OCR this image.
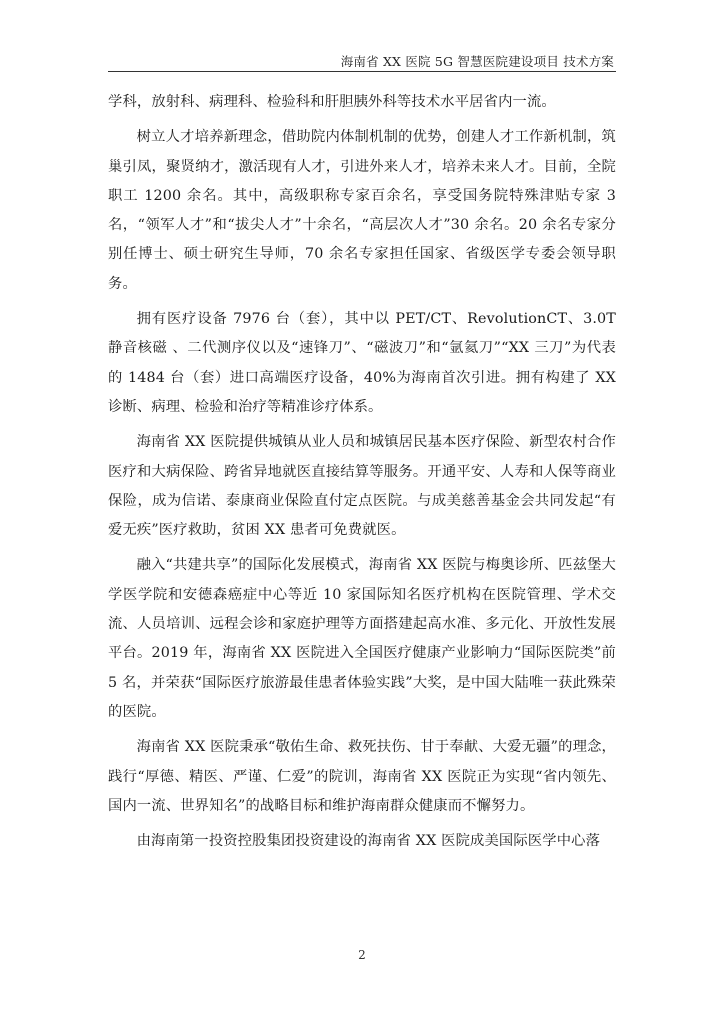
海南省 XX 医院 5G 智慧医院建设项目 技术方案

学科，放射科、病理科、检验科和肝胆胰外科等技术水平居省内一流。

树立人才培养新理念，借助院内体制机制的优势，创建人才工作新机制，筑巢引凤，聚贤纳才，激活现有人才，引进外来人才，培养未来人才。目前，全院职工 1200 余名。其中，高级职称专家百余名，享受国务院特殊津贴专家 3 名，“领军人才”和“拔尖人才”十余名，“高层次人才”30 余名。20 余名专家分别任博士、硕士研究生导师，70 余名专家担任国家、省级医学专委会领导职务。

拥有医疗设备 7976 台（套），其中以 PET/CT、RevolutionCT、3.0T 静音核磁 、二代测序仪以及“速锋刀”、“磁波刀”和“氩氦刀”“XX 三刀”为代表的 1484 台（套）进口高端医疗设备，40%为海南首次引进。拥有构建了 XX 诊断、病理、检验和治疗等精准诊疗体系。

海南省 XX 医院提供城镇从业人员和城镇居民基本医疗保险、新型农村合作医疗和大病保险、跨省异地就医直接结算等服务。开通平安、人寿和人保等商业保险，成为信诺、泰康商业保险直付定点医院。与成美慈善基金会共同发起“有爱无疾”医疗救助，贫困 XX 患者可免费就医。

融入“共建共享”的国际化发展模式，海南省 XX 医院与梅奥诊所、匹兹堡大学医学院和安德森癌症中心等近 10 家国际知名医疗机构在医院管理、学术交流、人员培训、远程会诊和家庭护理等方面搭建起高水准、多元化、开放性发展平台。2019 年，海南省 XX 医院进入全国医疗健康产业影响力“国际医院类”前 5 名，并荣获“国际医疗旅游最佳患者体验实践”大奖，是中国大陆唯一获此殊荣的医院。

海南省 XX 医院秉承“敬佑生命、救死扶伤、甘于奉献、大爱无疆”的理念，践行“厚德、精医、严谨、仁爱”的院训，海南省 XX 医院正为实现“省内领先、国内一流、世界知名”的战略目标和维护海南群众健康而不懈努力。

由海南第一投资控股集团投资建设的海南省 XX 医院成美国际医学中心落

2
